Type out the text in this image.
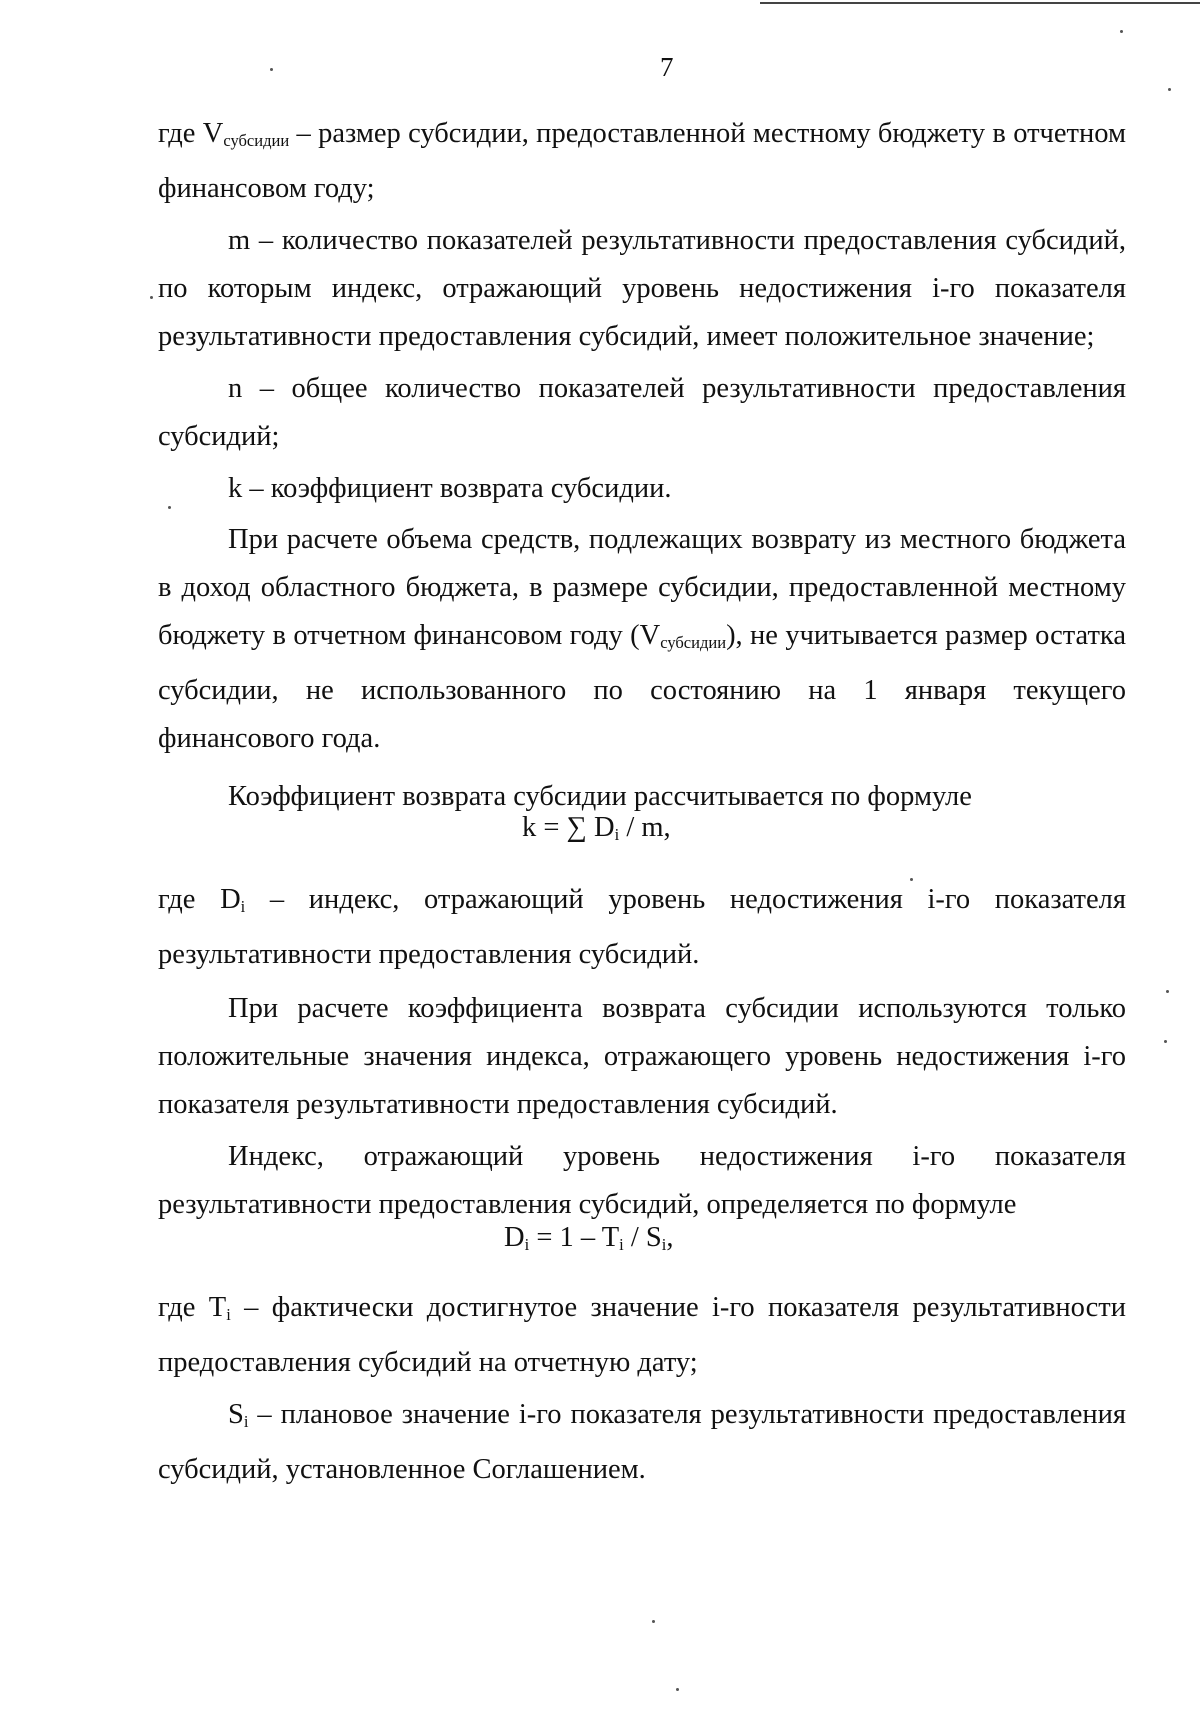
7

где $V_{субсидии}$ – размер субсидии, предоставленной местному бюджету в отчетном финансовом году;

m – количество показателей результативности предоставления субсидий, по которым индекс, отражающий уровень недостижения i-го показателя результативности предоставления субсидий, имеет положительное значение;

n – общее количество показателей результативности предоставления субсидий;

k – коэффициент возврата субсидии.

При расчете объема средств, подлежащих возврату из местного бюджета в доход областного бюджета, в размере субсидии, предоставленной местному бюджету в отчетном финансовом году $(V_{субсидии})$, не учитывается размер остатка субсидии, не использованного по состоянию на 1 января текущего финансового года.

Коэффициент возврата субсидии рассчитывается по формуле

k = ∑ $D_i$ / m,

где $D_i$ – индекс, отражающий уровень недостижения i-го показателя результативности предоставления субсидий.

При расчете коэффициента возврата субсидии используются только положительные значения индекса, отражающего уровень недостижения i-го показателя результативности предоставления субсидий.

Индекс, отражающий уровень недостижения i-го показателя результативности предоставления субсидий, определяется по формуле

$D_i = 1 - T_i / S_i$,

где $T_i$ – фактически достигнутое значение i-го показателя результативности предоставления субсидий на отчетную дату;

$S_i$ – плановое значение i-го показателя результативности предоставления субсидий, установленное Соглашением.
